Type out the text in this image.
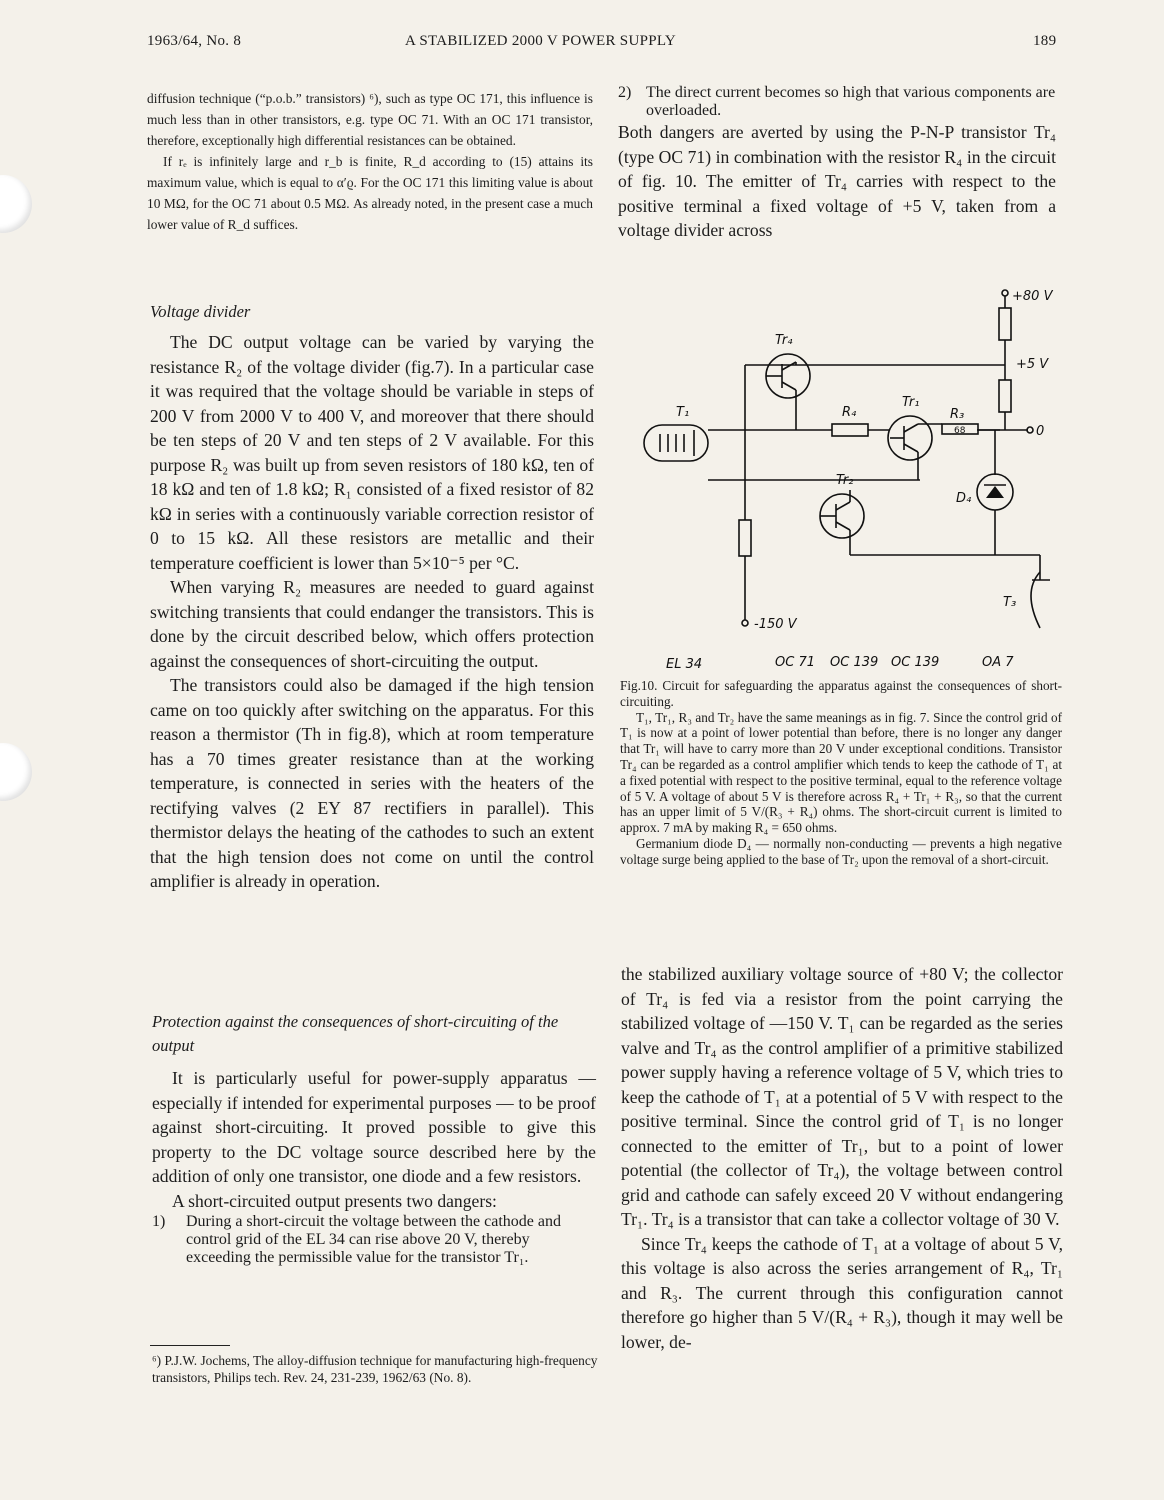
1963/64, No. 8	A STABILIZED 2000 V POWER SUPPLY	189

diffusion technique (“p.o.b.” transistors) ⁶), such as type OC 171, this influence is much less than in other transistors, e.g. type OC 71. With an OC 171 transistor, therefore, exceptionally high differential resistances can be obtained.

If rₑ is infinitely large and r_b is finite, R_d according to (15) attains its maximum value, which is equal to α′ϱ. For the OC 171 this limiting value is about 10 MΩ, for the OC 71 about 0.5 MΩ. As already noted, in the present case a much lower value of R_d suffices.

Voltage divider

The DC output voltage can be varied by varying the resistance R₂ of the voltage divider (fig.7). In a particular case it was required that the voltage should be variable in steps of 200 V from 2000 V to 400 V, and moreover that there should be ten steps of 20 V and ten steps of 2 V available. For this purpose R₂ was built up from seven resistors of 180 kΩ, ten of 18 kΩ and ten of 1.8 kΩ; R₁ consisted of a fixed resistor of 82 kΩ in series with a continuously variable correction resistor of 0 to 15 kΩ. All these resistors are metallic and their temperature coefficient is lower than 5×10⁻⁵ per °C.

When varying R₂ measures are needed to guard against switching transients that could endanger the transistors. This is done by the circuit described below, which offers protection against the consequences of short-circuiting the output.

The transistors could also be damaged if the high tension came on too quickly after switching on the apparatus. For this reason a thermistor (Th in fig.8), which at room temperature has a 70 times greater resistance than at the working temperature, is connected in series with the heaters of the rectifying valves (2 EY 87 rectifiers in parallel). This thermistor delays the heating of the cathodes to such an extent that the high tension does not come on until the control amplifier is already in operation.

Protection against the consequences of short-circuiting of the output

It is particularly useful for power-supply apparatus — especially if intended for experimental purposes — to be proof against short-circuiting. It proved possible to give this property to the DC voltage source described here by the addition of only one transistor, one diode and a few resistors.

A short-circuited output presents two dangers:

1)	During a short-circuit the voltage between the cathode and control grid of the EL 34 can rise above 20 V, thereby exceeding the permissible value for the transistor Tr₁.

⁶) P.J.W. Jochems, The alloy-diffusion technique for manufacturing high-frequency transistors, Philips tech. Rev. 24, 231-239, 1962/63 (No. 8).

2) The direct current becomes so high that various components are overloaded.

Both dangers are averted by using the P-N-P transistor Tr₄ (type OC 71) in combination with the resistor R₄ in the circuit of fig. 10. The emitter of Tr₄ carries with respect to the positive terminal a fixed voltage of +5 V, taken from a voltage divider across

+80 V
+5 V
0
-150 V
Tr₄
Tr₁
Tr₂
T₁
T₃
R₄	R₃
68
D₄
EL 34	OC 71 OC 139 OC 139	OA 7

Fig.10. Circuit for safeguarding the apparatus against the consequences of short-circuiting.

T₁, Tr₁, R₃ and Tr₂ have the same meanings as in fig. 7. Since the control grid of T₁ is now at a point of lower potential than before, there is no longer any danger that Tr₁ will have to carry more than 20 V under exceptional conditions. Transistor Tr₄ can be regarded as a control amplifier which tends to keep the cathode of T₁ at a fixed potential with respect to the positive terminal, equal to the reference voltage of 5 V. A voltage of about 5 V is therefore across R₄ + Tr₁ + R₃, so that the current has an upper limit of 5 V/(R₃ + R₄) ohms. The short-circuit current is limited to approx. 7 mA by making R₄ = 650 ohms.

Germanium diode D₄ — normally non-conducting — prevents a high negative voltage surge being applied to the base of Tr₂ upon the removal of a short-circuit.

the stabilized auxiliary voltage source of +80 V; the collector of Tr₄ is fed via a resistor from the point carrying the stabilized voltage of —150 V. T₁ can be regarded as the series valve and Tr₄ as the control amplifier of a primitive stabilized power supply having a reference voltage of 5 V, which tries to keep the cathode of T₁ at a potential of 5 V with respect to the positive terminal. Since the control grid of T₁ is no longer connected to the emitter of Tr₁, but to a point of lower potential (the collector of Tr₄), the voltage between control grid and cathode can safely exceed 20 V without endangering Tr₁. Tr₄ is a transistor that can take a collector voltage of 30 V.

Since Tr₄ keeps the cathode of T₁ at a voltage of about 5 V, this voltage is also across the series arrangement of R₄, Tr₁ and R₃. The current through this configuration cannot therefore go higher than 5 V/(R₄ + R₃), though it may well be lower, de-
